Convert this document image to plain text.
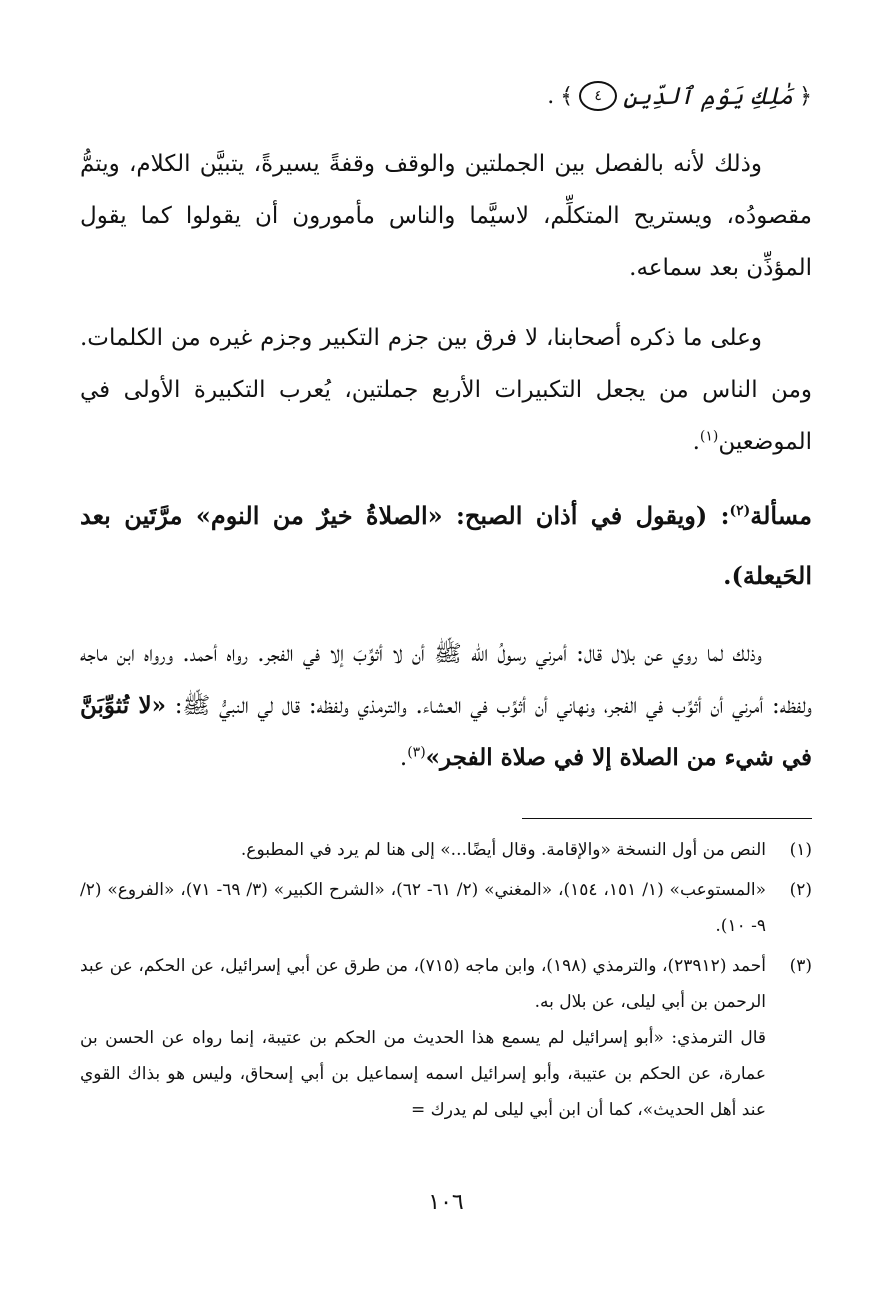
﴿
مَٰلِكِ يَوْمِ ٱلدِّينِ
٤
﴾
.

وذلك لأنه بالفصل بين الجملتين والوقف وقفةً يسيرةً، يتبيَّن الكلام، ويتمُّ مقصودُه، ويستريح المتكلِّم، لاسيَّما والناس مأمورون أن يقولوا كما يقول المؤذِّن بعد سماعه.

وعلى ما ذكره أصحابنا، لا فرق بين جزم التكبير وجزم غيره من الكلمات. ومن الناس من يجعل التكبيرات الأربع جملتين، يُعرب التكبيرة الأولى في الموضعين$^{(١)}$.

مسألة$^{(٢)}$: (ويقول في أذان الصبح: «الصلاةُ خيرٌ من النوم» مرَّتَين بعد الحَيعلة).

وذلك لما روي عن بلال قال: أمرني رسولُ الله ﷺ أن لا أثوِّبَ إلا في الفجر. رواه أحمد. ورواه ابن ماجه ولفظه: أمرني أن أثوِّب في الفجر، ونهاني أن أثوِّب في العشاء. والترمذي ولفظه: قال لي النبيُّ ﷺ: «لا تُثوِّبَنَّ في شيء من الصلاة إلا في صلاة الفجر»$^{(٣)}$.

(١)

النص من أول النسخة «والإقامة. وقال أيضًا...» إلى هنا لم يرد في المطبوع.

(٢)

«المستوعب» (١/ ١٥١، ١٥٤)، «المغني» (٢/ ٦١- ٦٢)، «الشرح الكبير» (٣/ ٦٩- ٧١)، «الفروع» (٢/ ٩- ١٠).

(٣)

أحمد (٢٣٩١٢)، والترمذي (١٩٨)، وابن ماجه (٧١٥)، من طرق عن أبي إسرائيل، عن الحكم، عن عبد الرحمن بن أبي ليلى، عن بلال به.

قال الترمذي: «أبو إسرائيل لم يسمع هذا الحديث من الحكم بن عتيبة، إنما رواه عن الحسن بن عمارة، عن الحكم بن عتيبة، وأبو إسرائيل اسمه إسماعيل بن أبي إسحاق، وليس هو بذاك القوي عند أهل الحديث»، كما أن ابن أبي ليلى لم يدرك =

١٠٦
